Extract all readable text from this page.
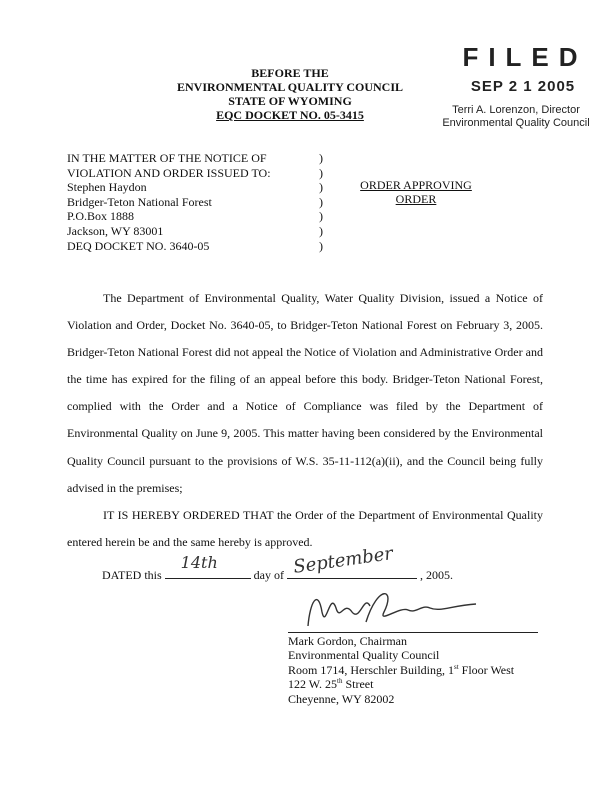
BEFORE THE
ENVIRONMENTAL QUALITY COUNCIL
STATE OF WYOMING
EQC DOCKET NO. 05-3415
FILED
SEP 2 1 2005
Terri A. Lorenzon, Director
Environmental Quality Council
IN THE MATTER OF THE NOTICE OF
VIOLATION AND ORDER ISSUED TO:
Stephen Haydon
Bridger-Teton National Forest
P.O.Box 1888
Jackson, WY 83001
DEQ DOCKET NO. 3640-05
)
)
)
)
)
)
)
ORDER APPROVING
ORDER
The Department of Environmental Quality, Water Quality Division, issued a Notice of Violation and Order, Docket No. 3640-05, to Bridger-Teton National Forest on February 3, 2005. Bridger-Teton National Forest did not appeal the Notice of Violation and Administrative Order and the time has expired for the filing of an appeal before this body. Bridger-Teton National Forest, complied with the Order and a Notice of Compliance was filed by the Department of Environmental Quality on June 9, 2005. This matter having been considered by the Environmental Quality Council pursuant to the provisions of W.S. 35-11-112(a)(ii), and the Council being fully advised in the premises;
IT IS HEREBY ORDERED THAT the Order of the Department of Environmental Quality entered herein be and the same hereby is approved.
DATED this
14th
day of September , 2005.
Mark Gordon, Chairman
Environmental Quality Council
Room 1714, Herschler Building, 1st Floor West
122 W. 25th Street
Cheyenne, WY 82002
